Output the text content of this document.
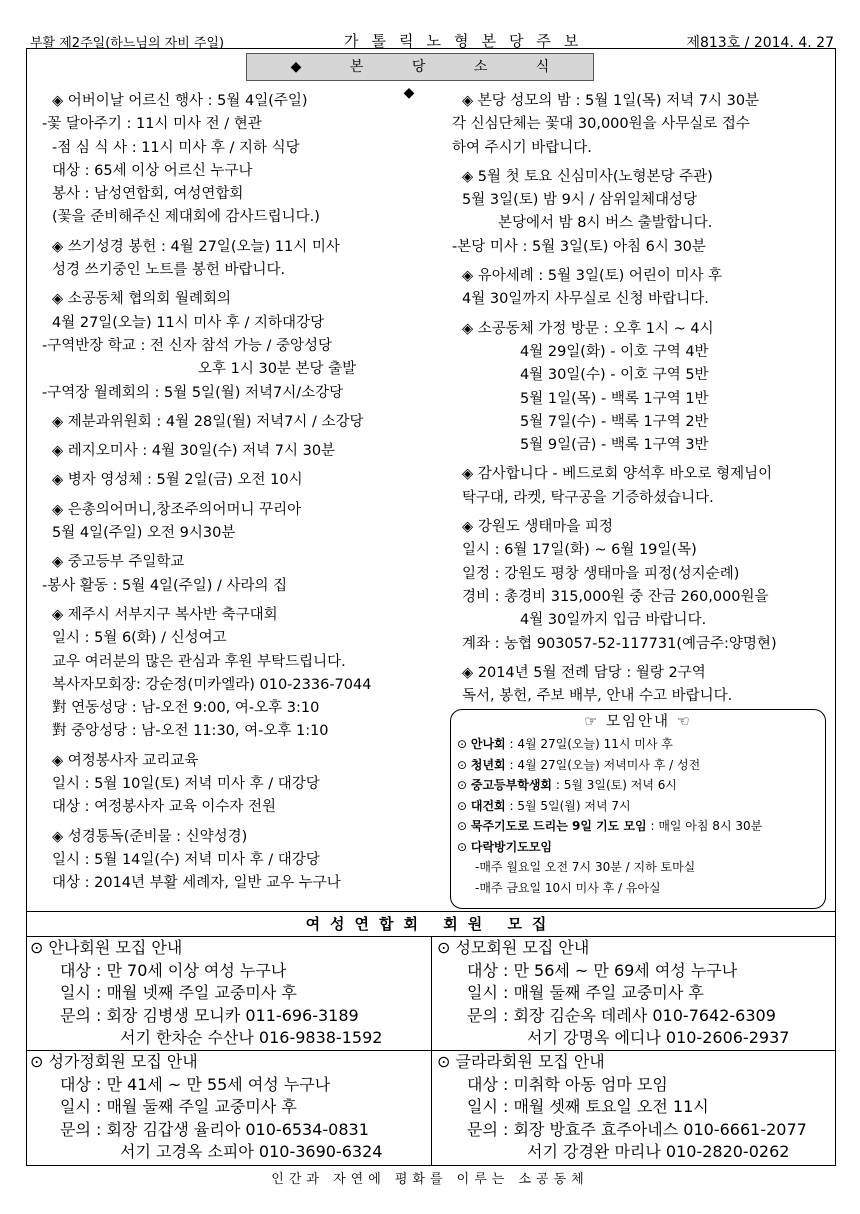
부활 제2주일(하느님의 자비 주일)	가톨릭노형본당주보	제813호 / 2014. 4. 27
◆ 본 당 소 식 ◆
◈ 어버이날 어르신 행사 : 5월 4일(주일)
-꽃 달아주기 : 11시 미사 전 / 현관
-점 심 식 사 : 11시 미사 후 / 지하 식당
대상 : 65세 이상 어르신 누구나
봉사 : 남성연합회, 여성연합회
(꽃을 준비해주신 제대회에 감사드립니다.)
◈ 쓰기성경 봉헌 : 4월 27일(오늘) 11시 미사
성경 쓰기중인 노트를 봉헌 바랍니다.
◈ 소공동체 협의회 월례회의
4월 27일(오늘) 11시 미사 후 / 지하대강당
-구역반장 학교 : 전 신자 참석 가능 / 중앙성당
오후 1시 30분 본당 출발
-구역장 월례회의 : 5월 5일(월) 저녁7시/소강당
◈ 제분과위원회 : 4월 28일(월) 저녁7시 / 소강당
◈ 레지오미사 : 4월 30일(수) 저녁 7시 30분
◈ 병자 영성체 : 5월 2일(금) 오전 10시
◈ 은총의어머니,창조주의어머니 꾸리아
5월 4일(주일) 오전 9시30분
◈ 중고등부 주일학교
-봉사 활동 : 5월 4일(주일) / 사라의 집
◈ 제주시 서부지구 복사반 축구대회
일시 : 5월 6(화) / 신성여고
교우 여러분의 많은 관심과 후원 부탁드립니다.
복사자모회장: 강순정(미카엘라) 010-2336-7044
對 연동성당 : 남-오전 9:00, 여-오후 3:10
對 중앙성당 : 남-오전 11:30, 여-오후 1:10
◈ 여정봉사자 교리교육
일시 : 5월 10일(토) 저녁 미사 후 / 대강당
대상 : 여정봉사자 교육 이수자 전원
◈ 성경통독(준비물 : 신약성경)
일시 : 5월 14일(수) 저녁 미사 후 / 대강당
대상 : 2014년 부활 세례자, 일반 교우 누구나
◈ 본당 성모의 밤 : 5월 1일(목) 저녁 7시 30분
각 신심단체는 꽃대 30,000원을 사무실로 접수
하여 주시기 바랍니다.
◈ 5월 첫 토요 신심미사(노형본당 주관)
5월 3일(토) 밤 9시 / 삼위일체대성당
본당에서 밤 8시 버스 출발합니다.
-본당 미사 : 5월 3일(토) 아침 6시 30분
◈ 유아세례 : 5월 3일(토) 어린이 미사 후
4월 30일까지 사무실로 신청 바랍니다.
◈ 소공동체 가정 방문 : 오후 1시 ~ 4시
4월 29일(화) - 이호 구역 4반
4월 30일(수) - 이호 구역 5반
5월 1일(목) - 백록 1구역 1반
5월 7일(수) - 백록 1구역 2반
5월 9일(금) - 백록 1구역 3반
◈ 감사합니다 - 베드로회 양석후 바오로 형제님이
탁구대, 라켓, 탁구공을 기증하셨습니다.
◈ 강원도 생태마을 피정
일시 : 6월 17일(화) ~ 6월 19일(목)
일정 : 강원도 평창 생태마을 피정(성지순례)
경비 : 총경비 315,000원 중 잔금 260,000원을
4월 30일까지 입금 바랍니다.
계좌 : 농협 903057-52-117731(예금주:양명현)
◈ 2014년 5월 전례 담당 : 월랑 2구역
독서, 봉헌, 주보 배부, 안내 수고 바랍니다.
☞ 모임안내 ☜
⊙ 안나회 : 4월 27일(오늘) 11시 미사 후
⊙ 청년회 : 4월 27일(오늘) 저녁미사 후 / 성전
⊙ 중고등부학생회 : 5월 3일(토) 저녁 6시
⊙ 대건회 : 5월 5일(월) 저녁 7시
⊙ 묵주기도로 드리는 9일 기도 모임 : 매일 아침 8시 30분
⊙ 다락방기도모임
-매주 월요일 오전 7시 30분 / 지하 토마실
-매주 금요일 10시 미사 후 / 유아실
여성연합회 회원 모집
⊙ 안나회원 모집 안내
대상 : 만 70세 이상 여성 누구나
일시 : 매월 넷째 주일 교중미사 후
문의 : 회장 김병생 모니카 011-696-3189
서기 한차순 수산나 016-9838-1592
⊙ 성모회원 모집 안내
대상 : 만 56세 ~ 만 69세 여성 누구나
일시 : 매월 둘째 주일 교중미사 후
문의 : 회장 김순옥 데레사 010-7642-6309
서기 강명옥 에디나 010-2606-2937
⊙ 성가정회원 모집 안내
대상 : 만 41세 ~ 만 55세 여성 누구나
일시 : 매월 둘째 주일 교중미사 후
문의 : 회장 김갑생 율리아 010-6534-0831
서기 고경옥 소피아 010-3690-6324
⊙ 글라라회원 모집 안내
대상 : 미취학 아동 엄마 모임
일시 : 매월 셋째 토요일 오전 11시
문의 : 회장 방효주 효주아네스 010-6661-2077
서기 강경완 마리나 010-2820-0262
인간과 자연에 평화를 이루는 소공동체
